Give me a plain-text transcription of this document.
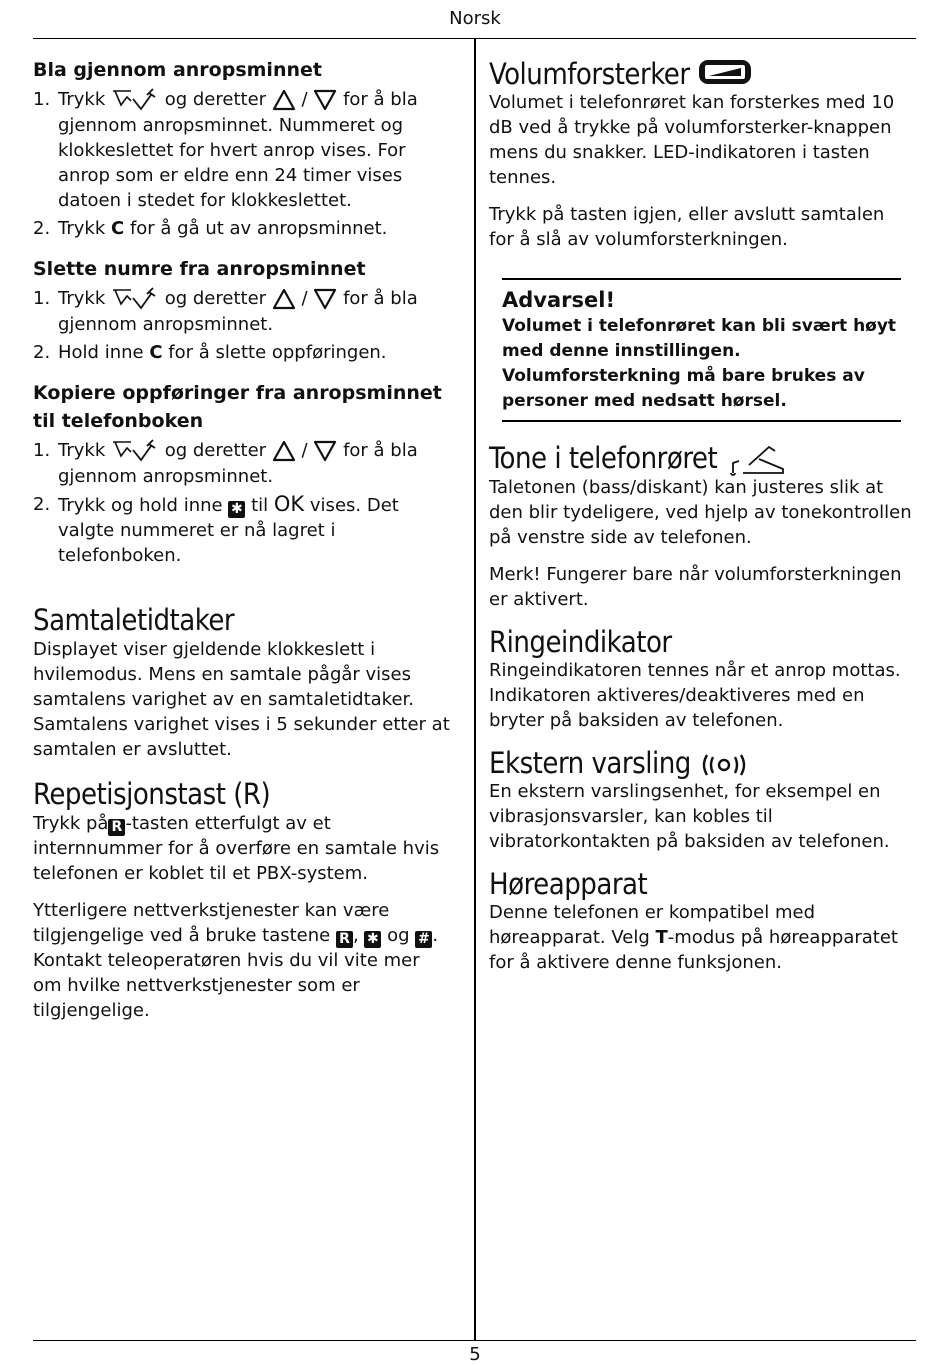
Norsk
5
Bla gjennom anropsminnet
1. Trykk	og deretter / for å bla gjennom anropsminnet. Nummeret og klokkeslettet for hvert anrop vises. For anrop som er eldre enn 24 timer vises datoen i stedet for klokkeslettet.
2. Trykk C for å gå ut av anropsminnet.
Slette numre fra anropsminnet
1. Trykk	og deretter / for å bla gjennom anropsminnet.
2. Hold inne C for å slette oppføringen.
Kopiere oppføringer fra anropsminnet til telefonboken
1. Trykk	og deretter / for å bla gjennom anropsminnet.
2. Trykk og hold inne ✱ til OK vises. Det valgte nummeret er nå lagret i telefonboken.
Samtaletidtaker

Displayet viser gjeldende klokkeslett i hvilemodus. Mens en samtale pågår vises samtalens varighet av en samtaletidtaker. Samtalens varighet vises i 5 sekunder etter at samtalen er avsluttet.

Repetisjonstast (R)

Trykk på R -tasten etterfulgt av et internnummer for å overføre en samtale hvis telefonen er koblet til et PBX-system.

Ytterligere nettverkstjenester kan være tilgjengelige ved å bruke tastene R , ✱ og # . Kontakt teleoperatøren hvis du vil vite mer om hvilke nettverkstjenester som er tilgjengelige.

Volumforsterker

Volumet i telefonrøret kan forsterkes med 10 dB ved å trykke på volumforsterker-knappen mens du snakker. LED-indikatoren i tasten tennes.

Trykk på tasten igjen, eller avslutt samtalen for å slå av volumforsterkningen.

Advarsel!
Volumet i telefonrøret kan bli svært høyt med denne innstillingen. Volumforsterkning må bare brukes av personer med nedsatt hørsel.
Tone i telefonrøret

Taletonen (bass/diskant) kan justeres slik at den blir tydeligere, ved hjelp av tonekontrollen på venstre side av telefonen.

Merk! Fungerer bare når volumforsterkningen er aktivert.

Ringeindikator

Ringeindikatoren tennes når et anrop mottas. Indikatoren aktiveres/deaktiveres med en bryter på baksiden av telefonen.

Ekstern varsling

En ekstern varslingsenhet, for eksempel en vibrasjonsvarsler, kan kobles til vibratorkontakten på baksiden av telefonen.

Høreapparat

Denne telefonen er kompatibel med høreapparat. Velg T-modus på høreapparatet for å aktivere denne funksjonen.
